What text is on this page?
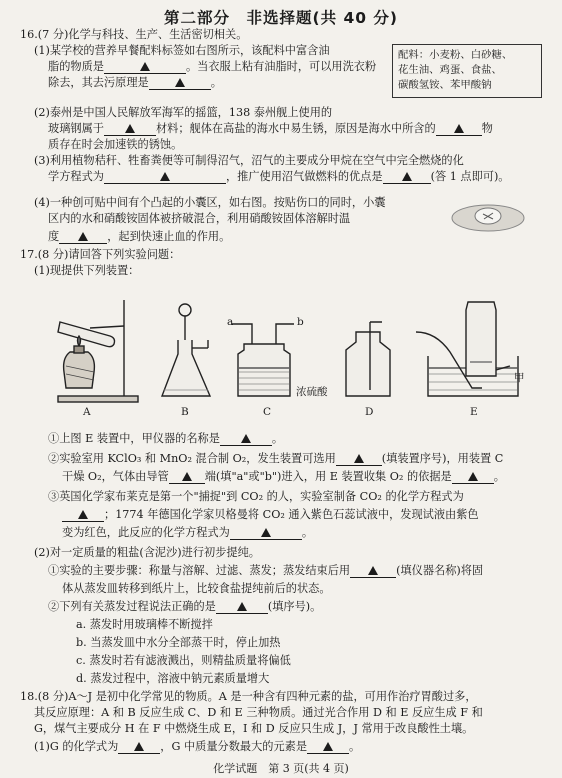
第二部分　非选择题(共 40 分)
16.(7 分)化学与科技、生产、生活密切相关。
(1)某学校的营养早餐配料标签如右图所示，该配料中富含油
脂的物质是	。当衣服上粘有油脂时，可以用洗衣粉
除去，其去污原理是	。
配料：小麦粉、白砂糖、
花生油、鸡蛋、食盐、
碳酸氢铵、苯甲酸钠
(2)泰州是中国人民解放军海军的摇篮，138 泰州舰上使用的
玻璃钢属于	材料；舰体在高盐的海水中易生锈，原因是海水中所含的	物
质存在时会加速铁的锈蚀。
(3)利用植物秸秆、牲畜粪便等可制得沼气，沼气的主要成分甲烷在空气中完全燃烧的化
学方程式为	，推广使用沼气做燃料的优点是	(答 1 点即可)。
(4)一种创可贴中间有个凸起的小囊区，如右图。按贴伤口的同时，小囊
区内的水和硝酸铵固体被挤破混合，利用硝酸铵固体溶解时温
度	，起到快速止血的作用。
17.(8 分)请回答下列实验问题：
(1)现提供下列装置：
A	B	C	D	E
a	b
浓硫酸
甲
①上图 E 装置中，甲仪器的名称是	。
②实验室用 KClO₃ 和 MnO₂ 混合制 O₂，发生装置可选用	(填装置序号)，用装置 C
干燥 O₂，气体由导管	端(填"a"或"b")进入，用 E 装置收集 O₂ 的依据是	。
③英国化学家布莱克是第一个"捕捉"到 CO₂ 的人，实验室制备 CO₂ 的化学方程式为
；1774 年德国化学家贝格曼将 CO₂ 通入紫色石蕊试液中，发现试液由紫色
变为红色，此反应的化学方程式为	。
(2)对一定质量的粗盐(含泥沙)进行初步提纯。
①实验的主要步骤：称量与溶解、过滤、蒸发；蒸发结束后用	(填仪器名称)将固
体从蒸发皿转移到纸片上，比较食盐提纯前后的状态。
②下列有关蒸发过程说法正确的是	(填序号)。
a. 蒸发时用玻璃棒不断搅拌
b. 当蒸发皿中水分全部蒸干时，停止加热
c. 蒸发时若有滤液溅出，则精盐质量将偏低
d. 蒸发过程中，溶液中钠元素质量增大
18.(8 分)A～J 是初中化学常见的物质。A 是一种含有四种元素的盐，可用作治疗胃酸过多，
其反应原理：A 和 B 反应生成 C、D 和 E 三种物质。通过光合作用 D 和 E 反应生成 F 和
G，煤气主要成分 H 在 F 中燃烧生成 E，I 和 D 反应只生成 J，J 常用于改良酸性土壤。
(1)G 的化学式为	，G 中质量分数最大的元素是	。
化学试题　第 3 页(共 4 页)
